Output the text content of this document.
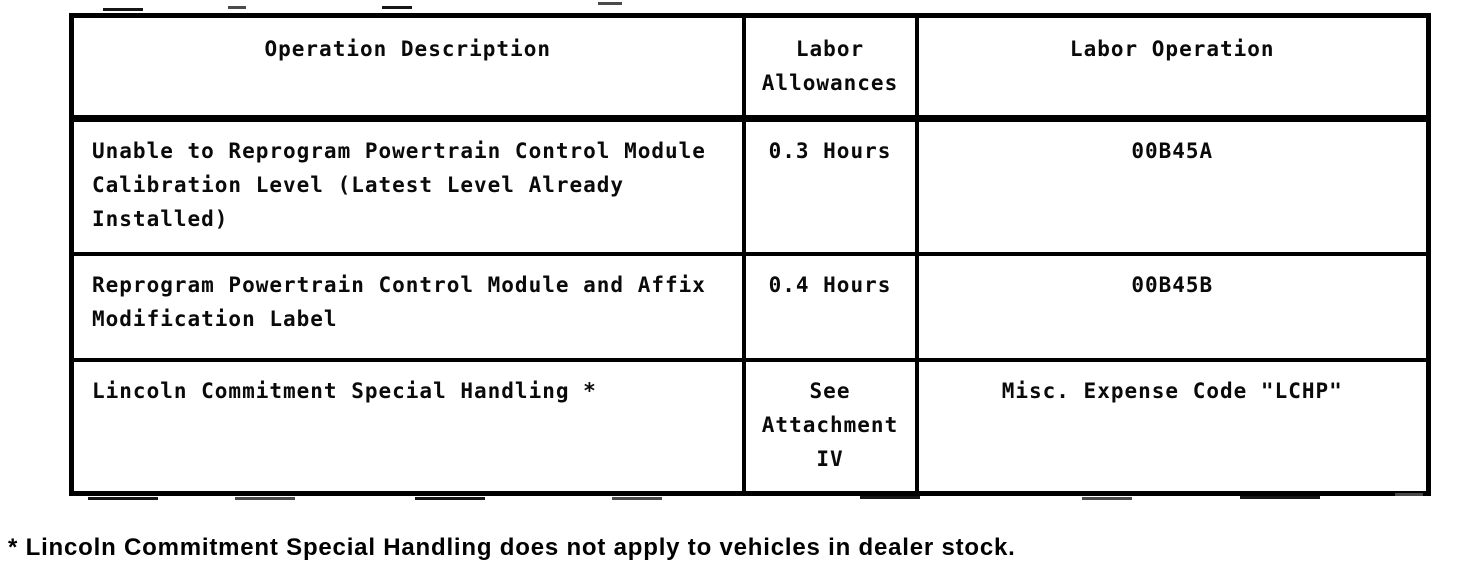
Operation Description	Labor Allowances	Labor Operation
Unable to Reprogram Powertrain Control Module Calibration Level (Latest Level Already Installed)	0.3 Hours	00B45A
Reprogram Powertrain Control Module and Affix Modification Label	0.4 Hours	00B45B
Lincoln Commitment Special Handling *	See Attachment IV	Misc. Expense Code "LCHP"
* Lincoln Commitment Special Handling does not apply to vehicles in dealer stock.
